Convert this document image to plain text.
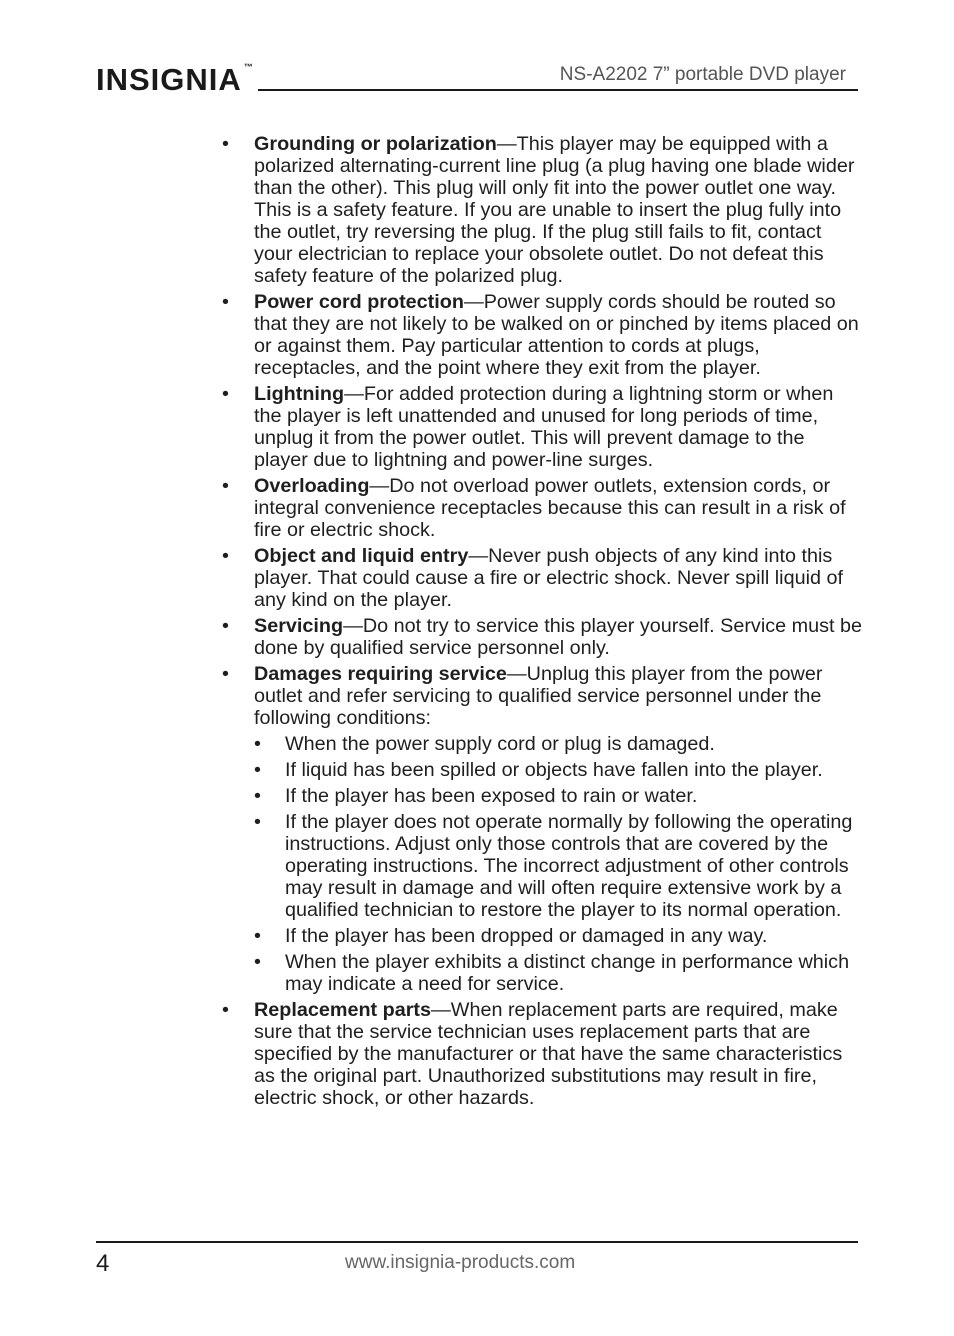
INSIGNIA ™	NS-A2202 7” portable DVD player
• Grounding or polarization—This player may be equipped with a polarized alternating-current line plug (a plug having one blade wider than the other). This plug will only fit into the power outlet one way. This is a safety feature. If you are unable to insert the plug fully into the outlet, try reversing the plug. If the plug still fails to fit, contact your electrician to replace your obsolete outlet. Do not defeat this safety feature of the polarized plug.
• Power cord protection—Power supply cords should be routed so that they are not likely to be walked on or pinched by items placed on or against them. Pay particular attention to cords at plugs, receptacles, and the point where they exit from the player.
• Lightning—For added protection during a lightning storm or when the player is left unattended and unused for long periods of time, unplug it from the power outlet. This will prevent damage to the player due to lightning and power-line surges.
• Overloading—Do not overload power outlets, extension cords, or integral convenience receptacles because this can result in a risk of fire or electric shock.
• Object and liquid entry—Never push objects of any kind into this player. That could cause a fire or electric shock. Never spill liquid of any kind on the player.
• Servicing—Do not try to service this player yourself. Service must be done by qualified service personnel only.
• Damages requiring service—Unplug this player from the power outlet and refer servicing to qualified service personnel under the following conditions:
• When the power supply cord or plug is damaged.
• If liquid has been spilled or objects have fallen into the player.
• If the player has been exposed to rain or water.
• If the player does not operate normally by following the operating instructions. Adjust only those controls that are covered by the operating instructions. The incorrect adjustment of other controls may result in damage and will often require extensive work by a qualified technician to restore the player to its normal operation.
• If the player has been dropped or damaged in any way.
• When the player exhibits a distinct change in performance which may indicate a need for service.
• Replacement parts—When replacement parts are required, make sure that the service technician uses replacement parts that are specified by the manufacturer or that have the same characteristics as the original part. Unauthorized substitutions may result in fire, electric shock, or other hazards.
4	www.insignia-products.com
